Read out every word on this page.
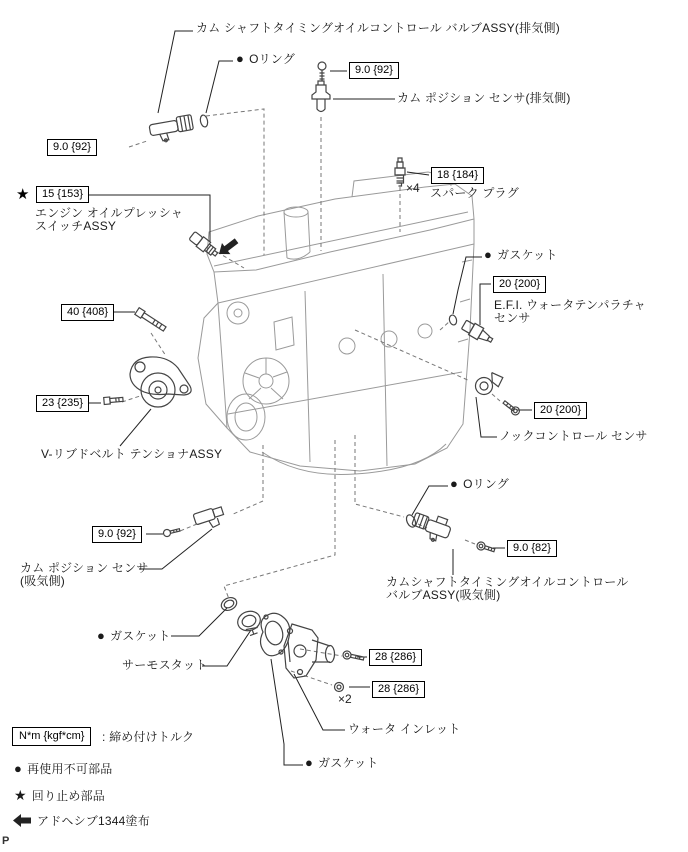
9.0 {92}
9.0 {92}
★	15 {153}
40 {408}
23 {235}
18 {184}
20 {200}
20 {200}
9.0 {82}
9.0 {92}
28 {286}
28 {286}
カム シャフトタイミングオイルコントロール バルブASSY(排気側)
● Oリング
カム ポジション センサ(排気側)
×4 スパーク プラグ
エンジン オイルプレッシャ
スイッチASSY
● ガスケット
E.F.I. ウォータテンパラチャ
センサ
ノックコントロール センサ
V-リブドベルト テンショナASSY
● Oリング
カムシャフトタイミングオイルコントロール
バルブASSY(吸気側)
カム ポジション センサ
(吸気側)
● ガスケット
サーモスタット
×2
ウォータ インレット
● ガスケット
N*m {kgf*cm}	: 締め付けトルク
● 再使用不可部品
★ 回り止め部品
アドヘシブ1344塗布
P
